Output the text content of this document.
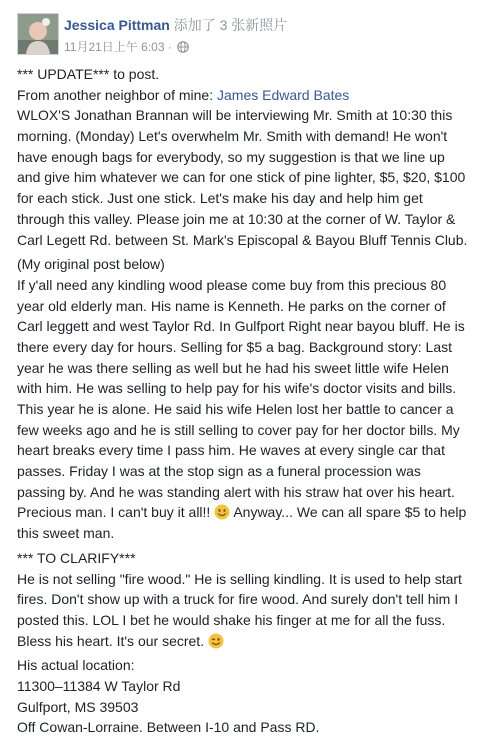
Jessica Pittman 添加了 3 张新照片
11月21日上午 6:03 ·
*** UPDATE*** to post.
From another neighbor of mine: James Edward Bates
WLOX'S Jonathan Brannan will be interviewing Mr. Smith at 10:30 this
morning. (Monday) Let's overwhelm Mr. Smith with demand! He won't
have enough bags for everybody, so my suggestion is that we line up
and give him whatever we can for one stick of pine lighter, $5, $20, $100
for each stick. Just one stick. Let's make his day and help him get
through this valley. Please join me at 10:30 at the corner of W. Taylor &
Carl Legett Rd. between St. Mark's Episcopal & Bayou Bluff Tennis Club.
(My original post below)
If y'all need any kindling wood please come buy from this precious 80
year old elderly man. His name is Kenneth. He parks on the corner of
Carl leggett and west Taylor Rd. In Gulfport Right near bayou bluff. He is
there every day for hours. Selling for $5 a bag. Background story: Last
year he was there selling as well but he had his sweet little wife Helen
with him. He was selling to help pay for his wife's doctor visits and bills.
This year he is alone. He said his wife Helen lost her battle to cancer a
few weeks ago and he is still selling to cover pay for her doctor bills. My
heart breaks every time I pass him. He waves at every single car that
passes. Friday I was at the stop sign as a funeral procession was
passing by. And he was standing alert with his straw hat over his heart.
Precious man. I can't buy it all!!  Anyway... We can all spare $5 to help
this sweet man.
*** TO CLARIFY***
He is not selling "fire wood." He is selling kindling. It is used to help start
fires. Don't show up with a truck for fire wood. And surely don't tell him I
posted this. LOL I bet he would shake his finger at me for all the fuss.
Bless his heart. It's our secret.
His actual location:
11300–11384 W Taylor Rd
Gulfport, MS 39503
Off Cowan-Lorraine. Between I-10 and Pass RD.
